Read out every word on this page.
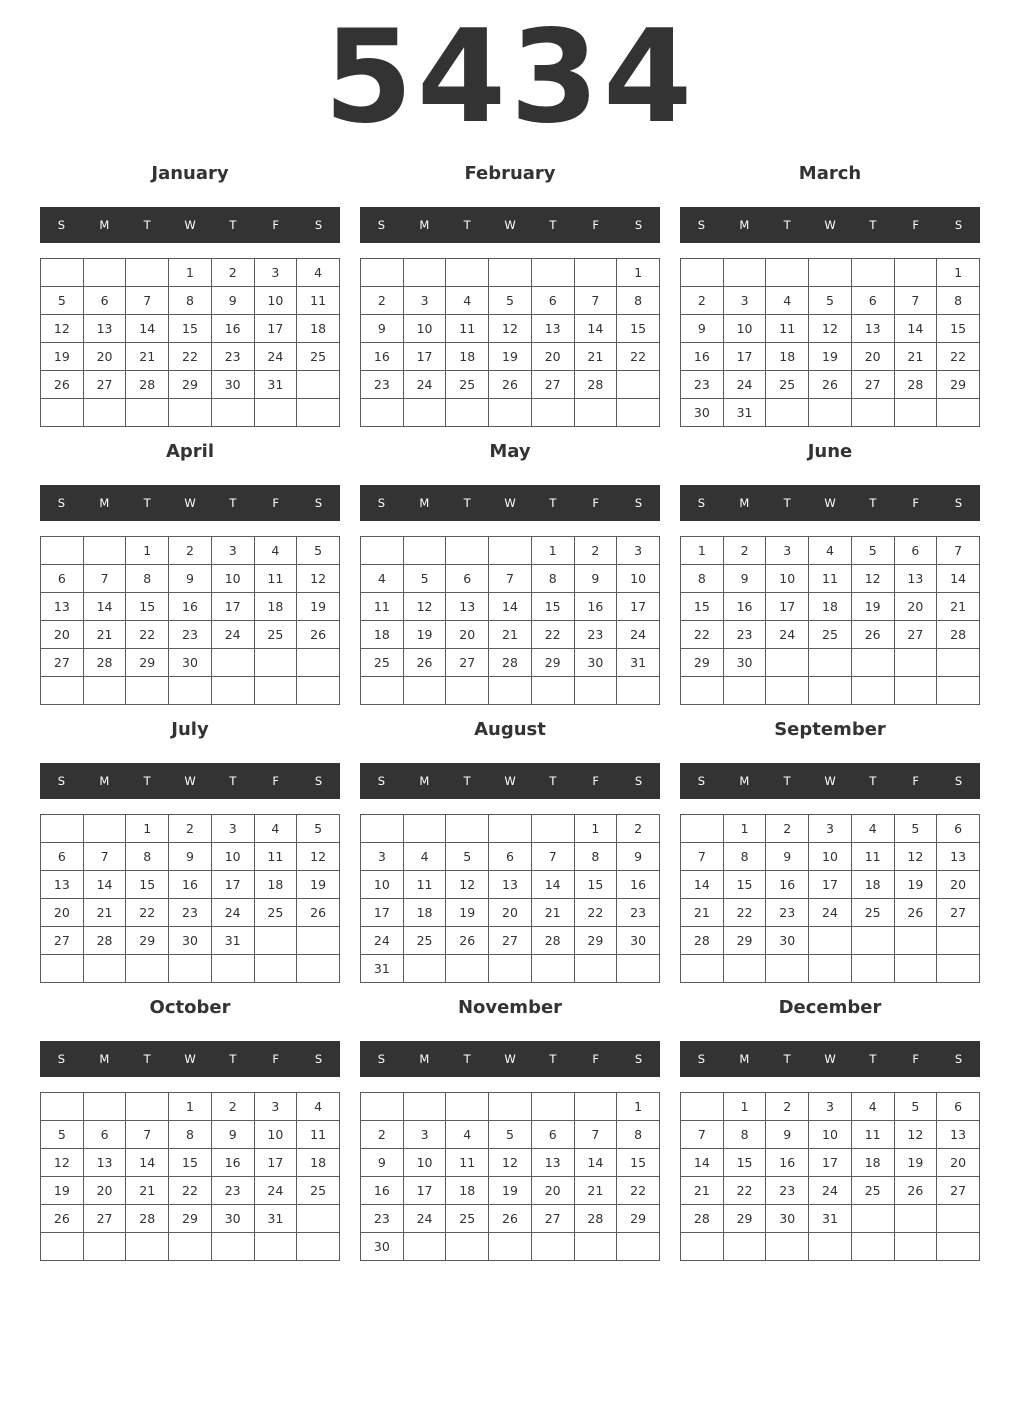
5434
January
S	M	T	W	T	F	S
			1	2	3	4
5	6	7	8	9	10	11
12	13	14	15	16	17	18
19	20	21	22	23	24	25
26	27	28	29	30	31	

February
S	M	T	W	T	F	S
						1
2	3	4	5	6	7	8
9	10	11	12	13	14	15
16	17	18	19	20	21	22
23	24	25	26	27	28	

March
S	M	T	W	T	F	S
						1
2	3	4	5	6	7	8
9	10	11	12	13	14	15
16	17	18	19	20	21	22
23	24	25	26	27	28	29
30	31					
April
S	M	T	W	T	F	S
		1	2	3	4	5
6	7	8	9	10	11	12
13	14	15	16	17	18	19
20	21	22	23	24	25	26
27	28	29	30			

May
S	M	T	W	T	F	S
				1	2	3
4	5	6	7	8	9	10
11	12	13	14	15	16	17
18	19	20	21	22	23	24
25	26	27	28	29	30	31

June
S	M	T	W	T	F	S
1	2	3	4	5	6	7
8	9	10	11	12	13	14
15	16	17	18	19	20	21
22	23	24	25	26	27	28
29	30					

July
S	M	T	W	T	F	S
		1	2	3	4	5
6	7	8	9	10	11	12
13	14	15	16	17	18	19
20	21	22	23	24	25	26
27	28	29	30	31		

August
S	M	T	W	T	F	S
					1	2
3	4	5	6	7	8	9
10	11	12	13	14	15	16
17	18	19	20	21	22	23
24	25	26	27	28	29	30
31						
September
S	M	T	W	T	F	S
	1	2	3	4	5	6
7	8	9	10	11	12	13
14	15	16	17	18	19	20
21	22	23	24	25	26	27
28	29	30				

October
S	M	T	W	T	F	S
			1	2	3	4
5	6	7	8	9	10	11
12	13	14	15	16	17	18
19	20	21	22	23	24	25
26	27	28	29	30	31	

November
S	M	T	W	T	F	S
						1
2	3	4	5	6	7	8
9	10	11	12	13	14	15
16	17	18	19	20	21	22
23	24	25	26	27	28	29
30						
December
S	M	T	W	T	F	S
	1	2	3	4	5	6
7	8	9	10	11	12	13
14	15	16	17	18	19	20
21	22	23	24	25	26	27
28	29	30	31			
